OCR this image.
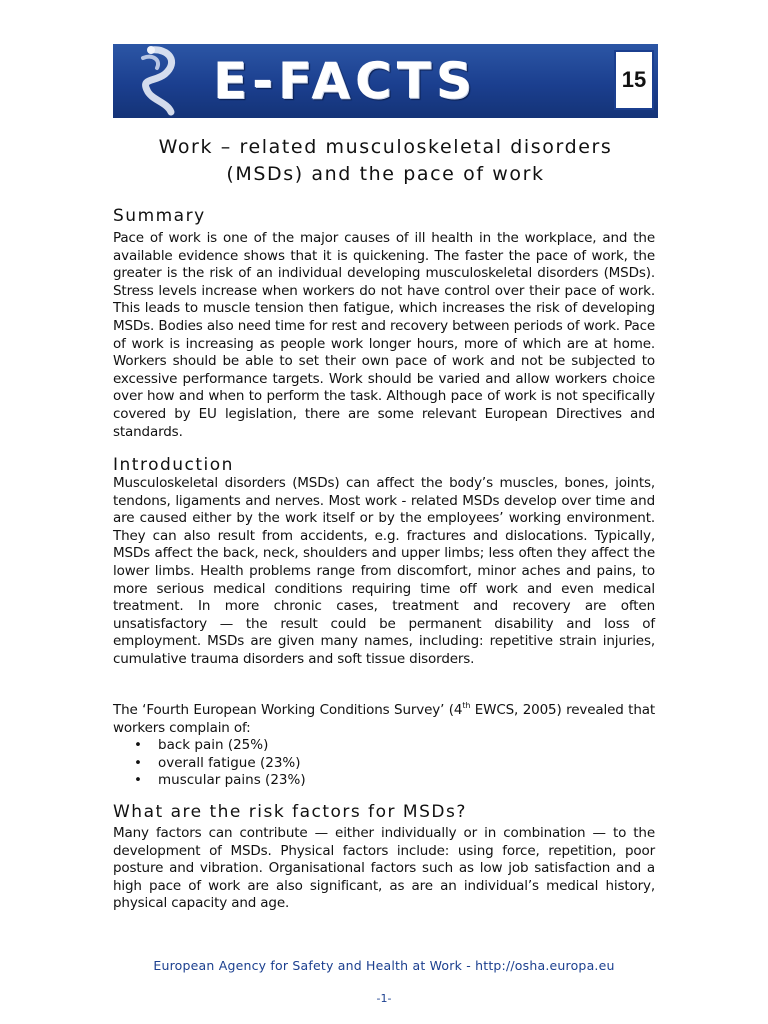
E-FACTS	15
Work – related musculoskeletal disorders
(MSDs) and the pace of work
Summary
Pace of work is one of the major causes of ill health in the workplace, and the available evidence shows that it is quickening. The faster the pace of work, the greater is the risk of an individual developing musculoskeletal disorders (MSDs). Stress levels increase when workers do not have control over their pace of work. This leads to muscle tension then fatigue, which increases the risk of developing MSDs. Bodies also need time for rest and recovery between periods of work. Pace of work is increasing as people work longer hours, more of which are at home. Workers should be able to set their own pace of work and not be subjected to excessive performance targets. Work should be varied and allow workers choice over how and when to perform the task. Although pace of work is not specifically covered by EU legislation, there are some relevant European Directives and standards.
Introduction
Musculoskeletal disorders (MSDs) can affect the body’s muscles, bones, joints, tendons, ligaments and nerves. Most work - related MSDs develop over time and are caused either by the work itself or by the employees’ working environment. They can also result from accidents, e.g. fractures and dislocations. Typically, MSDs affect the back, neck, shoulders and upper limbs; less often they affect the lower limbs. Health problems range from discomfort, minor aches and pains, to more serious medical conditions requiring time off work and even medical treatment. In more chronic cases, treatment and recovery are often unsatisfactory — the result could be permanent disability and loss of employment. MSDs are given many names, including: repetitive strain injuries, cumulative trauma disorders and soft tissue disorders.
The ‘Fourth European Working Conditions Survey’ (4th EWCS, 2005) revealed that workers complain of:
• back pain (25%)
• overall fatigue (23%)
• muscular pains (23%)
What are the risk factors for MSDs?
Many factors can contribute — either individually or in combination — to the development of MSDs. Physical factors include: using force, repetition, poor posture and vibration. Organisational factors such as low job satisfaction and a high pace of work are also significant, as are an individual’s medical history, physical capacity and age.
European Agency for Safety and Health at Work - http://osha.europa.eu
-1-
